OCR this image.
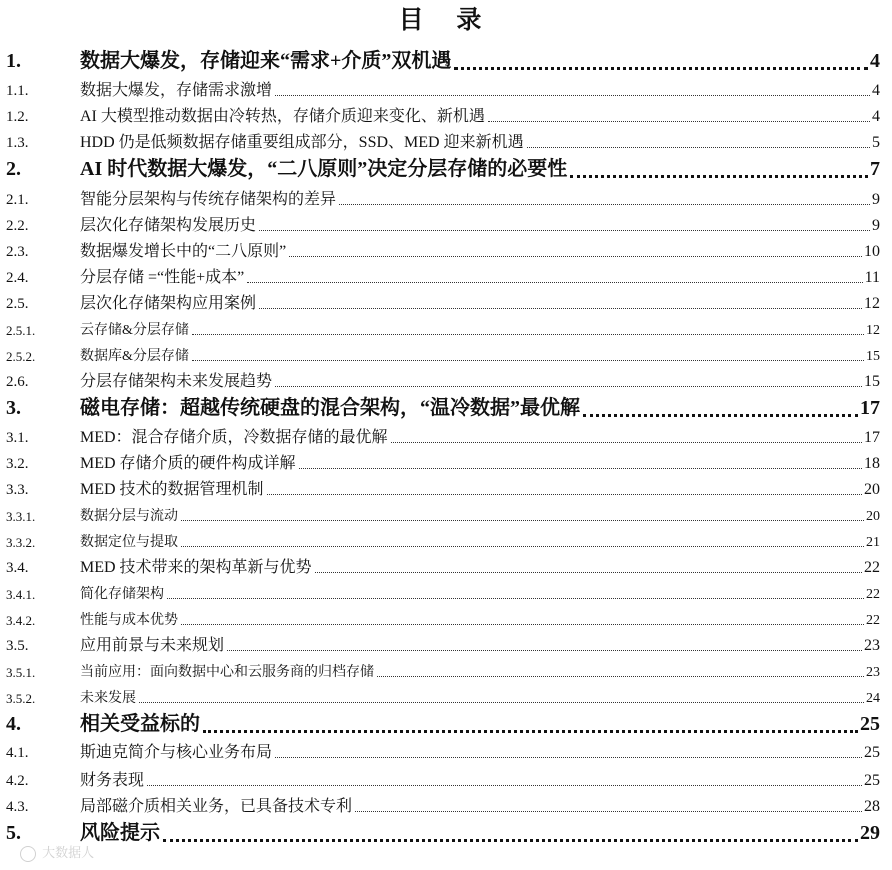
目 录
1.	数据大爆发，存储迎来“需求+介质”双机遇	4
1.1.	数据大爆发，存储需求激增	4
1.2.	AI 大模型推动数据由冷转热，存储介质迎来变化、新机遇	4
1.3.	HDD 仍是低频数据存储重要组成部分，SSD、MED 迎来新机遇	5
2.	AI 时代数据大爆发，“二八原则”决定分层存储的必要性	7
2.1.	智能分层架构与传统存储架构的差异	9
2.2.	层次化存储架构发展历史	9
2.3.	数据爆发增长中的“二八原则”	10
2.4.	分层存储 =“性能+成本”	11
2.5.	层次化存储架构应用案例	12
2.5.1.	云存储&分层存储	12
2.5.2.	数据库&分层存储	15
2.6.	分层存储架构未来发展趋势	15
3.	磁电存储：超越传统硬盘的混合架构，“温冷数据”最优解	17
3.1.	MED：混合存储介质，冷数据存储的最优解	17
3.2.	MED 存储介质的硬件构成详解	18
3.3.	MED 技术的数据管理机制	20
3.3.1.	数据分层与流动	20
3.3.2.	数据定位与提取	21
3.4.	MED 技术带来的架构革新与优势	22
3.4.1.	简化存储架构	22
3.4.2.	性能与成本优势	22
3.5.	应用前景与未来规划	23
3.5.1.	当前应用：面向数据中心和云服务商的归档存储	23
3.5.2.	未来发展	24
4.	相关受益标的	25
4.1.	斯迪克简介与核心业务布局	25
4.2.	财务表现	25
4.3.	局部磁介质相关业务，已具备技术专利	28
5.	风险提示	29
大数据人
